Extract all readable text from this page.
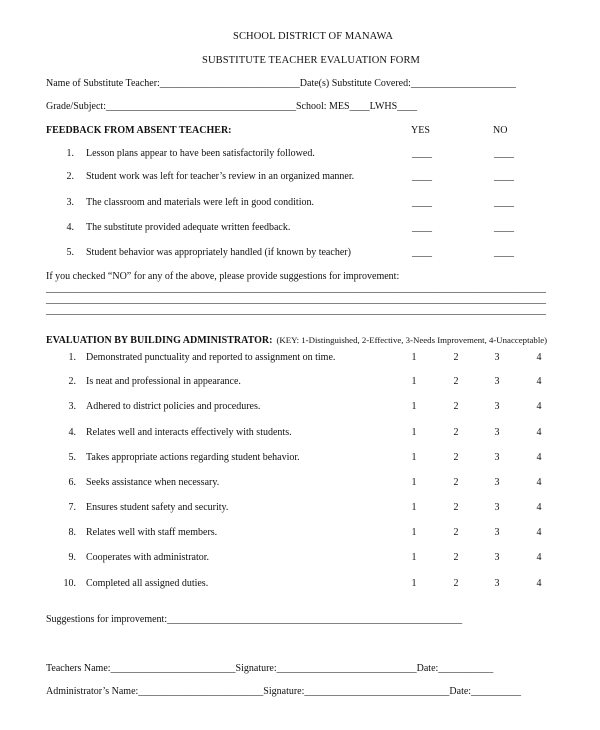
SCHOOL DISTRICT OF MANAWA
SUBSTITUTE TEACHER EVALUATION FORM
Name of Substitute Teacher:____________________________Date(s) Substitute Covered:_____________________
Grade/Subject:______________________________________School: MES____LWHS____
FEEDBACK FROM ABSENT TEACHER:	YES	NO
1. Lesson plans appear to have been satisfactorily followed.	____	____
2. Student work was left for teacher’s review in an organized manner.	____	____
3. The classroom and materials were left in good condition.	____	____
4. The substitute provided adequate written feedback.	____	____
5. Student behavior was appropriately handled (if known by teacher)	____	____
If you checked “NO” for any of the above, please provide suggestions for improvement:
____________________________________________________________________________________________________
____________________________________________________________________________________________________
____________________________________________________________________________________________________
EVALUATION BY BUILDING ADMINISTRATOR: (KEY: 1-Distinguished, 2-Effective, 3-Needs Improvement, 4-Unacceptable)
1. Demonstrated punctuality and reported to assignment on time.	1	2	3	4
2. Is neat and professional in appearance.	1	2	3	4
3. Adhered to district policies and procedures.	1	2	3	4
4. Relates well and interacts effectively with students.	1	2	3	4
5. Takes appropriate actions regarding student behavior.	1	2	3	4
6. Seeks assistance when necessary.	1	2	3	4
7. Ensures student safety and security.	1	2	3	4
8. Relates well with staff members.	1	2	3	4
9. Cooperates with administrator.	1	2	3	4
10. Completed all assigned duties.	1	2	3	4
Suggestions for improvement:___________________________________________________________
Teachers Name:_________________________Signature:____________________________Date:___________
Administrator’s Name:_________________________Signature:_____________________________Date:__________
